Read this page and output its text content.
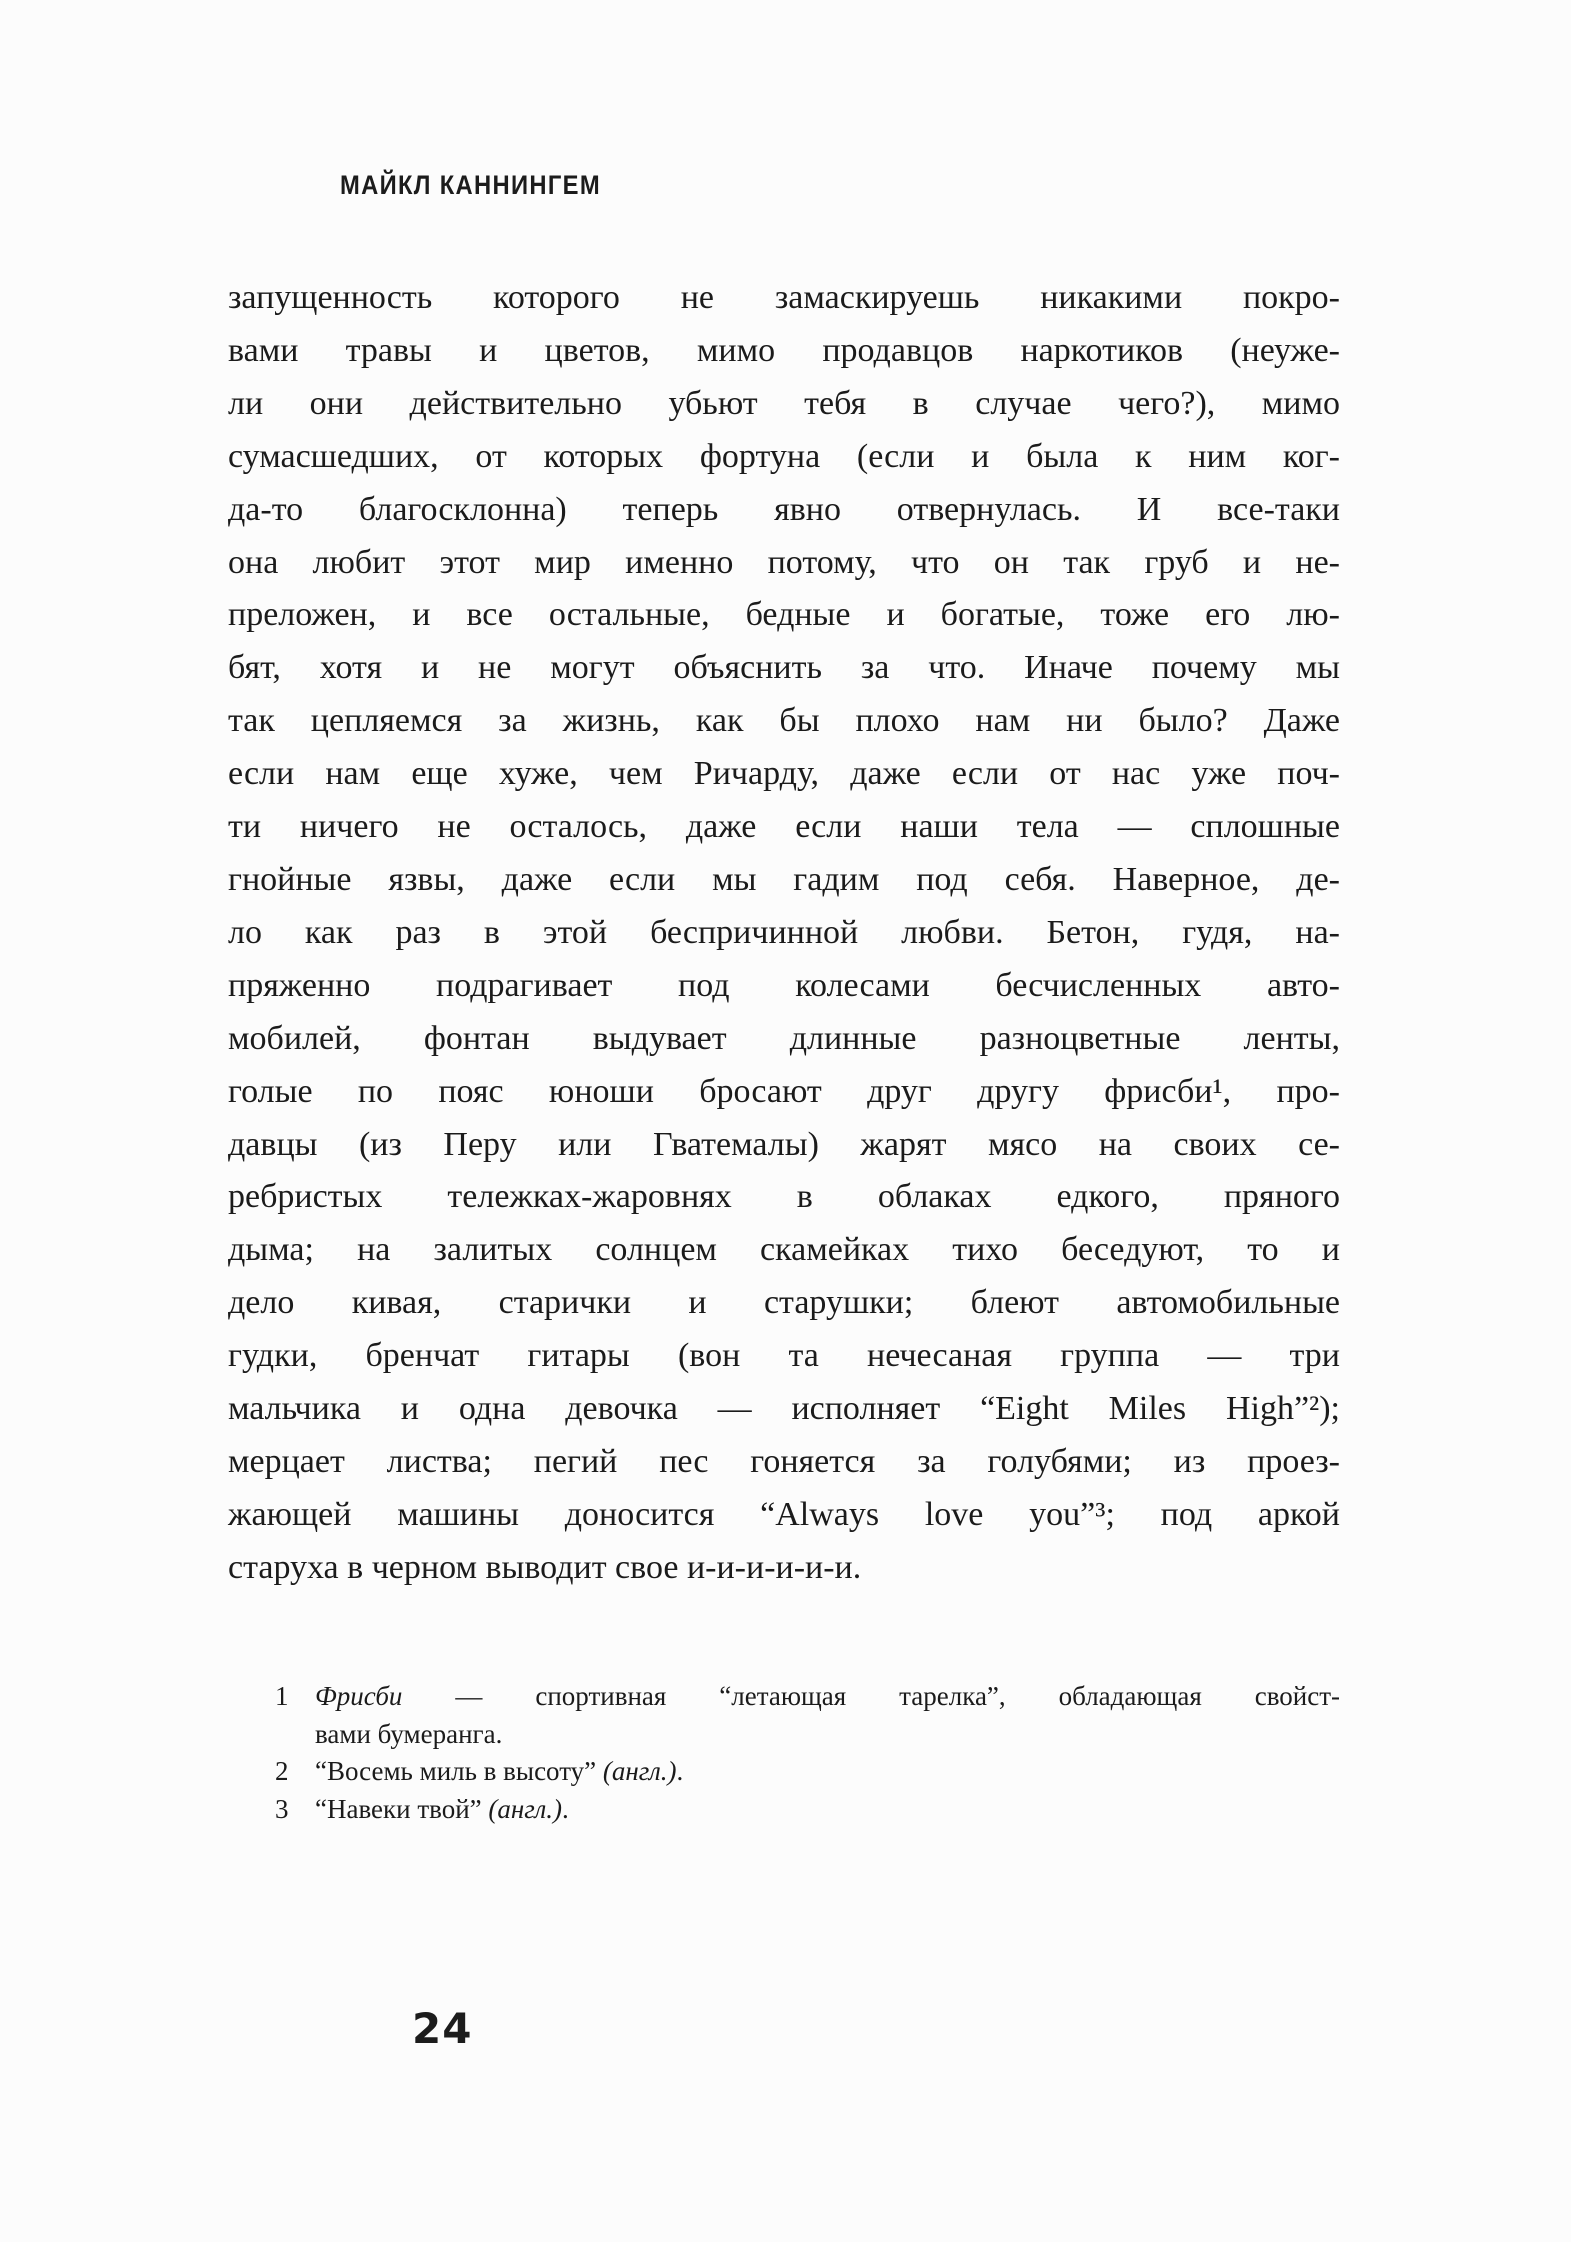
МАЙКЛ КАННИНГЕМ
запущенность которого не замаскируешь никакими покро-
вами травы и цветов, мимо продавцов наркотиков (неуже-
ли они действительно убьют тебя в случае чего?), мимо
сумасшедших, от которых фортуна (если и была к ним ког-
да-то благосклонна) теперь явно отвернулась. И все-таки
она любит этот мир именно потому, что он так груб и не-
преложен, и все остальные, бедные и богатые, тоже его лю-
бят, хотя и не могут объяснить за что. Иначе почему мы
так цепляемся за жизнь, как бы плохо нам ни было? Даже
если нам еще хуже, чем Ричарду, даже если от нас уже поч-
ти ничего не осталось, даже если наши тела — сплошные
гнойные язвы, даже если мы гадим под себя. Наверное, де-
ло как раз в этой беспричинной любви. Бетон, гудя, на-
пряженно подрагивает под колесами бесчисленных авто-
мобилей, фонтан выдувает длинные разноцветные ленты,
голые по пояс юноши бросают друг другу фрисби¹, про-
давцы (из Перу или Гватемалы) жарят мясо на своих се-
ребристых тележках-жаровнях в облаках едкого, пряного
дыма; на залитых солнцем скамейках тихо беседуют, то и
дело кивая, старички и старушки; блеют автомобильные
гудки, бренчат гитары (вон та нечесаная группа — три
мальчика и одна девочка — исполняет “Eight Miles High”²);
мерцает листва; пегий пес гоняется за голубями; из проез-
жающей машины доносится “Always love you”³; под аркой
старуха в черном выводит свое и-и-и-и-и-и.
1 Фрисби — спортивная “летающая тарелка”, обладающая свойст-
вами бумеранга.
2 “Восемь миль в высоту” (англ.).
3 “Навеки твой” (англ.).
24
